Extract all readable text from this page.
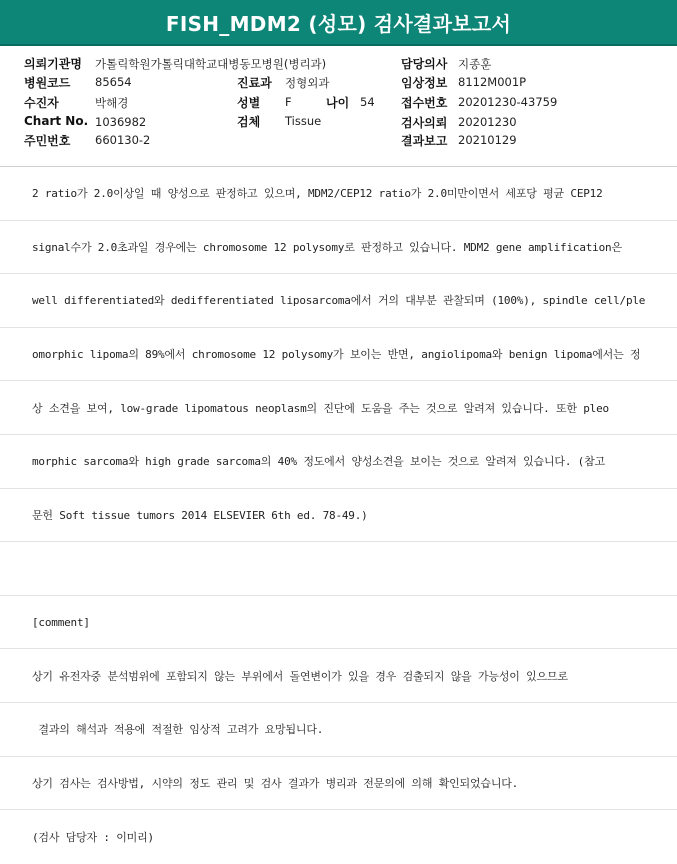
FISH_MDM2 (성모) 검사결과보고서
의뢰기관명 가톨릭학원가톨릭대학교대병동모병원(병리과)
병원코드 85654
수진자	박해경
Chart No. 1036982
주민번호 660130-2
진료과 정형외과
성별 F	나이 54
검체 Tissue
담당의사 지종훈
임상정보 8112M001P
접수번호 20201230-43759
검사의뢰 20201230
결과보고 20210129
2 ratio가 2.0이상일 때 양성으로 판정하고 있으며, MDM2/CEP12 ratio가 2.0미만이면서 세포당 평균 CEP12
signal수가 2.0초과일 경우에는 chromosome 12 polysomy로 판정하고 있습니다. MDM2 gene amplification은
well differentiated와 dedifferentiated liposarcoma에서 거의 대부분 관찰되며 (100%), spindle cell/ple
omorphic lipoma의 89%에서 chromosome 12 polysomy가 보이는 반면, angiolipoma와 benign lipoma에서는 정
상 소견을 보여, low-grade lipomatous neoplasm의 진단에 도움을 주는 것으로 알려져 있습니다. 또한 pleo
morphic sarcoma와 high grade sarcoma의 40% 정도에서 양성소견을 보이는 것으로 알려져 있습니다. (참고
문헌 Soft tissue tumors 2014 ELSEVIER 6th ed. 78-49.)
[comment]
상기 유전자중 분석범위에 포함되지 않는 부위에서 돌연변이가 있을 경우 검출되지 않을 가능성이 있으므로
결과의 해석과 적용에 적절한 임상적 고려가 요망됩니다.
상기 검사는 검사방법, 시약의 정도 관리 및 검사 결과가 병리과 전문의에 의해 확인되었습니다.
(검사 담당자 : 이미리)
